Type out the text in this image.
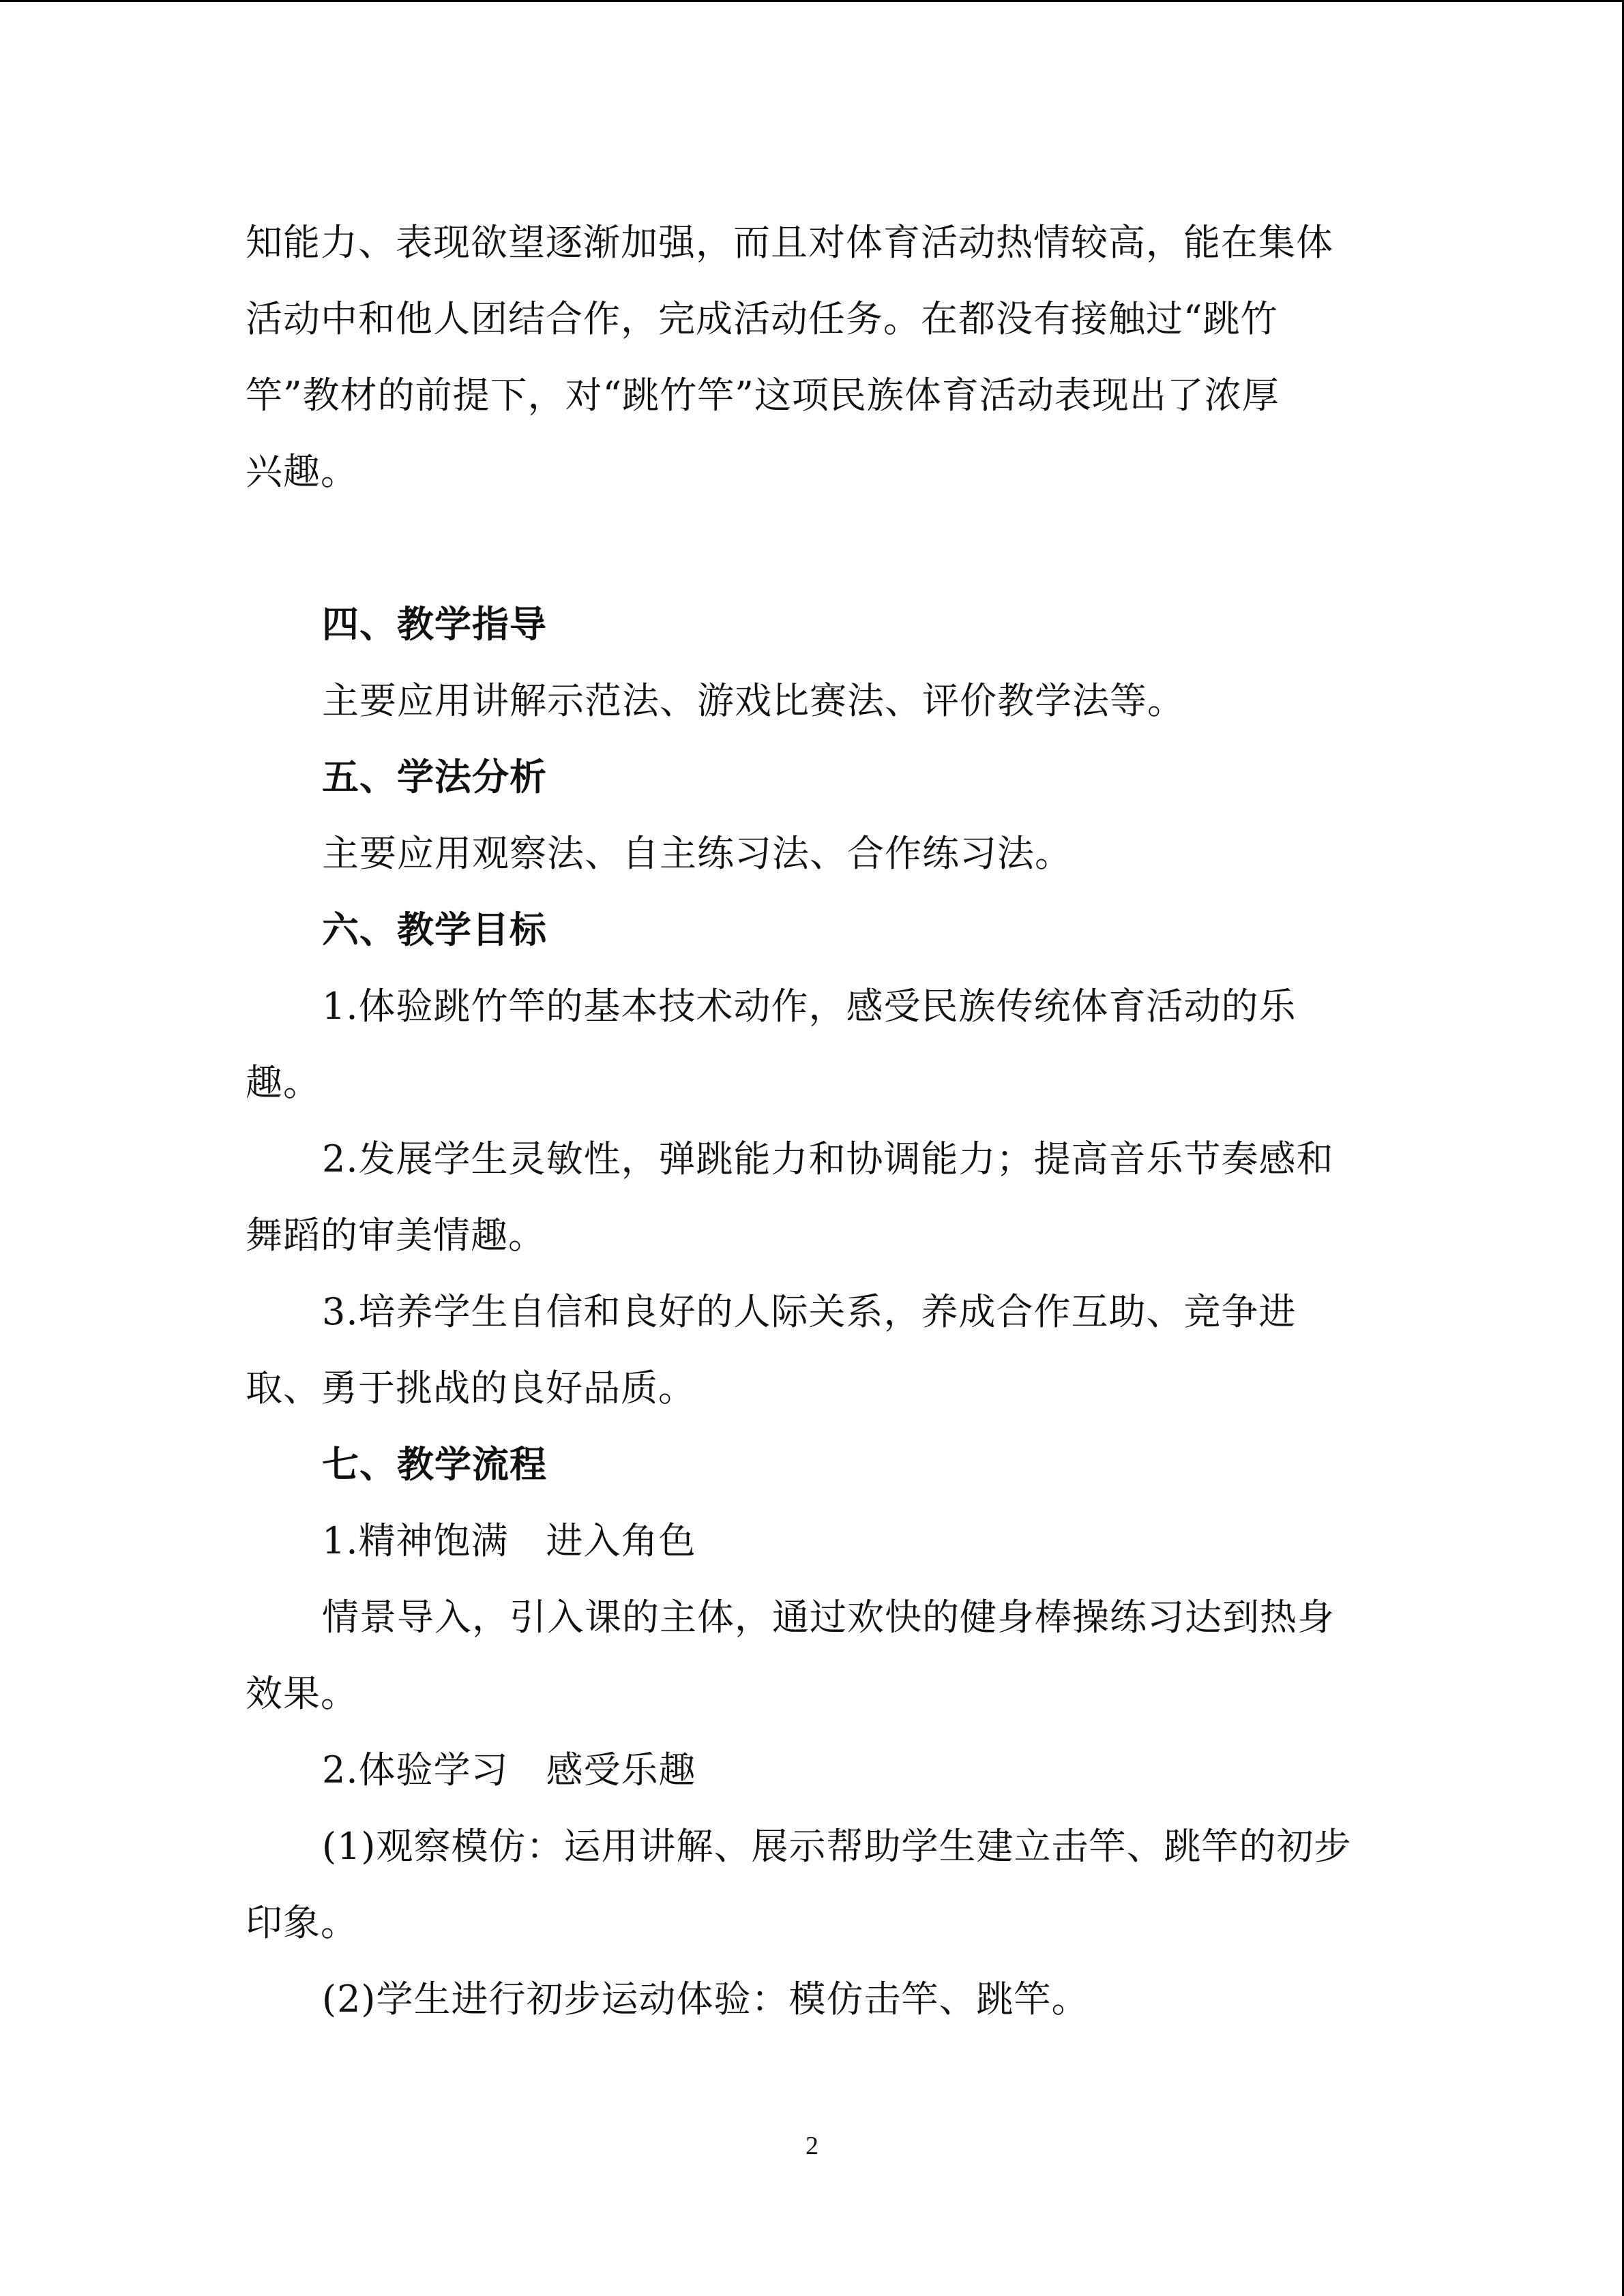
知能力、表现欲望逐渐加强，而且对体育活动热情较高，能在集体
活动中和他人团结合作，完成活动任务。在都没有接触过“跳竹
竿”教材的前提下，对“跳竹竿”这项民族体育活动表现出了浓厚
兴趣。
四、教学指导
主要应用讲解示范法、游戏比赛法、评价教学法等。
五、学法分析
主要应用观察法、自主练习法、合作练习法。
六、教学目标
1.体验跳竹竿的基本技术动作，感受民族传统体育活动的乐
趣。
2.发展学生灵敏性，弹跳能力和协调能力；提高音乐节奏感和
舞蹈的审美情趣。
3.培养学生自信和良好的人际关系，养成合作互助、竞争进
取、勇于挑战的良好品质。
七、教学流程
1.精神饱满　进入角色
情景导入，引入课的主体，通过欢快的健身棒操练习达到热身
效果。
2.体验学习　感受乐趣
(1)观察模仿：运用讲解、展示帮助学生建立击竿、跳竿的初步
印象。
(2)学生进行初步运动体验：模仿击竿、跳竿。
2
